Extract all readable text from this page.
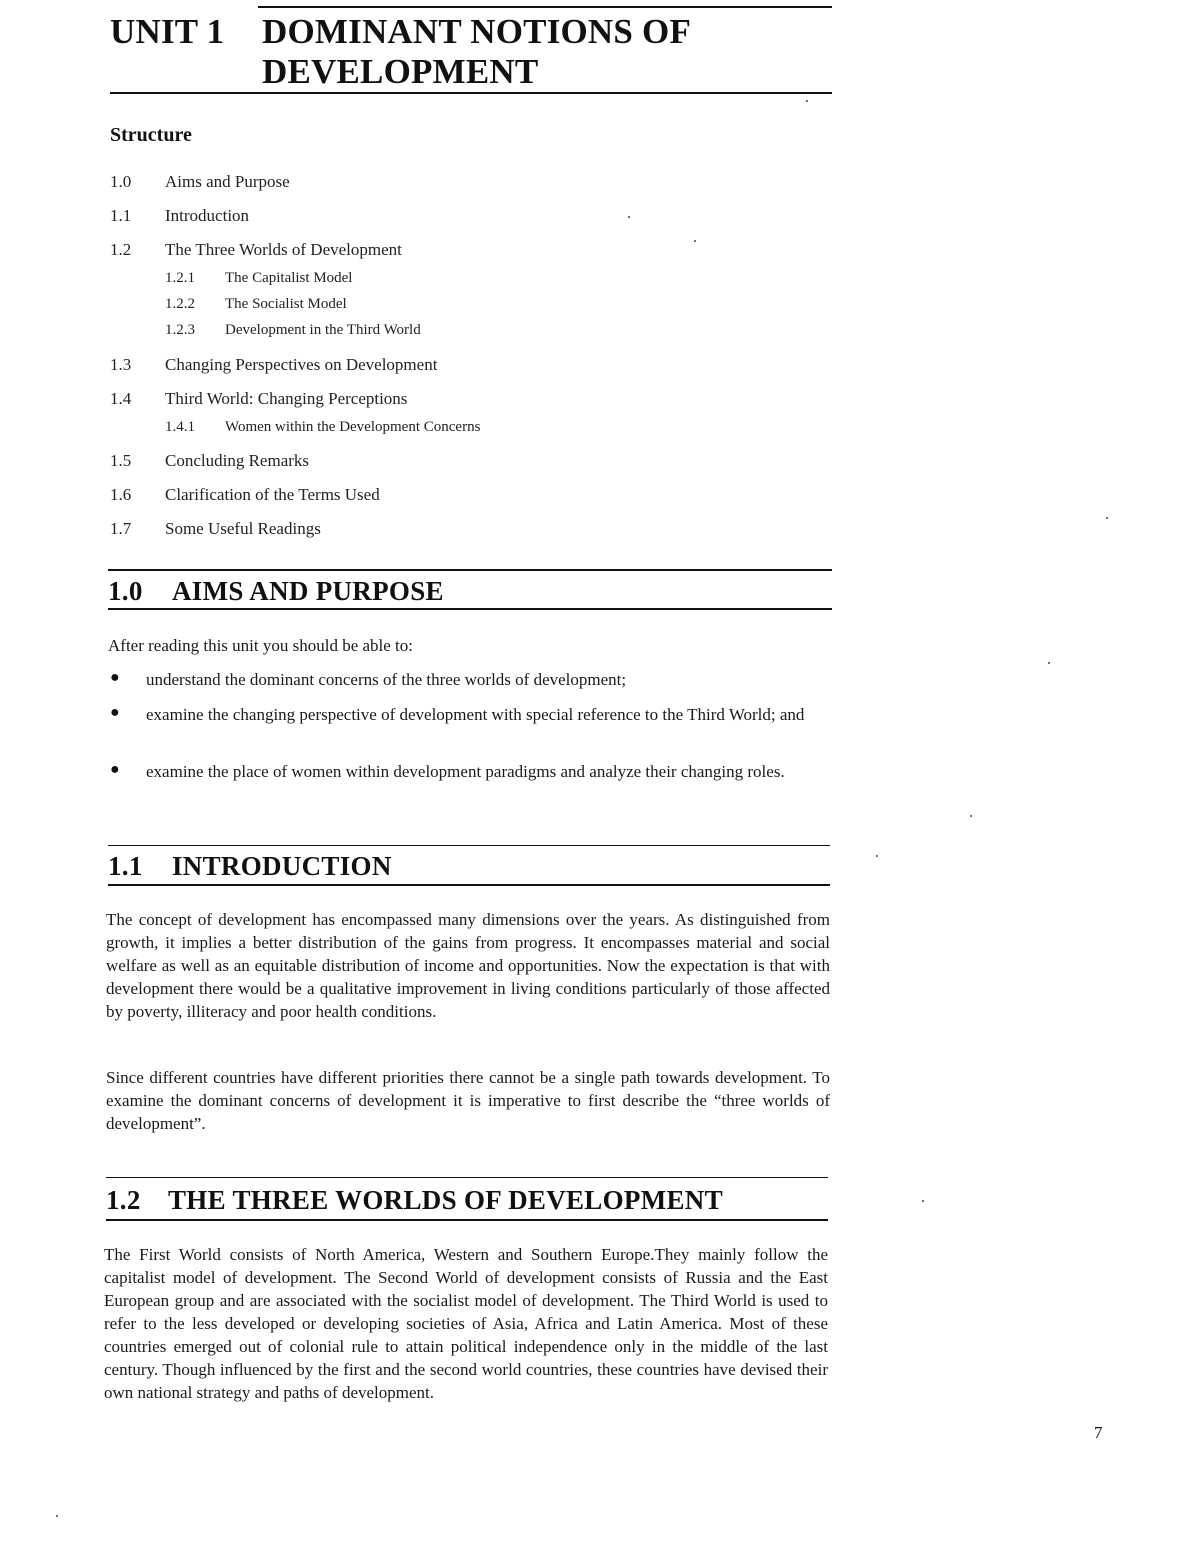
UNIT 1 DOMINANT NOTIONS OF
DEVELOPMENT
Structure
1.0 Aims and Purpose
1.1 Introduction
1.2 The Three Worlds of Development
1.2.1 The Capitalist Model
1.2.2 The Socialist Model
1.2.3 Development in the Third World
1.3 Changing Perspectives on Development
1.4 Third World: Changing Perceptions
1.4.1 Women within the Development Concerns
1.5 Concluding Remarks
1.6 Clarification of the Terms Used
1.7 Some Useful Readings
1.0 AIMS AND PURPOSE
After reading this unit you should be able to:
● understand the dominant concerns of the three worlds of development;
● examine the changing perspective of development with special reference to the Third World; and
● examine the place of women within development paradigms and analyze their changing roles.
1.1 INTRODUCTION
The concept of development has encompassed many dimensions over the years. As distinguished from growth, it implies a better distribution of the gains from progress. It encompasses material and social welfare as well as an equitable distribution of income and opportunities. Now the expectation is that with development there would be a qualitative improvement in living conditions particularly of those affected by poverty, illiteracy and poor health conditions.
Since different countries have different priorities there cannot be a single path towards development. To examine the dominant concerns of development it is imperative to first describe the “three worlds of development”.
1.2 THE THREE WORLDS OF DEVELOPMENT
The First World consists of North America, Western and Southern Europe.They mainly follow the capitalist model of development. The Second World of development consists of Russia and the East European group and are associated with the socialist model of development. The Third World is used to refer to the less developed or developing societies of Asia, Africa and Latin America. Most of these countries emerged out of colonial rule to attain political independence only in the middle of the last century. Though influenced by the first and the second world countries, these countries have devised their own national strategy and paths of development.
7
